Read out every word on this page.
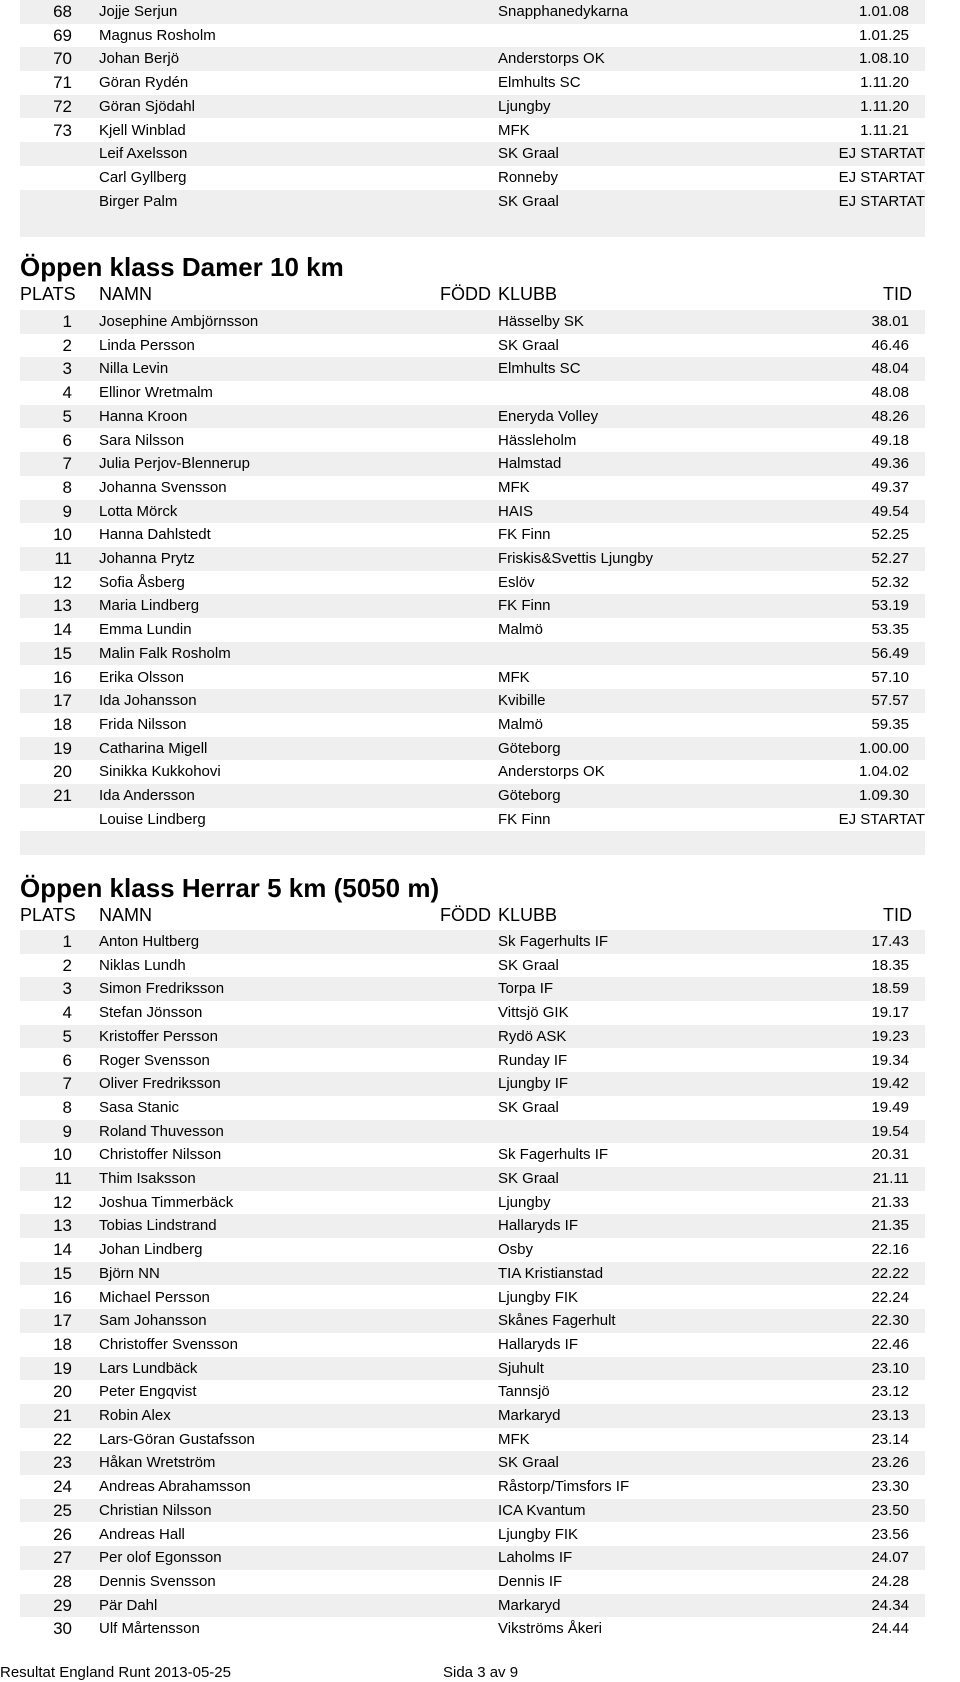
68 Jojje Serjun	Snapphanedykarna	1.01.08
69 Magnus Rosholm	1.01.25
70 Johan Berjö	Anderstorps OK	1.08.10
71 Göran Rydén	Elmhults SC	1.11.20
72 Göran Sjödahl	Ljungby	1.11.20
73 Kjell Winblad	MFK	1.11.21
Leif Axelsson	SK Graal	EJ STARTAT
Carl Gyllberg	Ronneby	EJ STARTAT
Birger Palm	SK Graal	EJ STARTAT
Öppen klass Damer 10 km
PLATS NAMN	FÖDD KLUBB	TID
1 Josephine Ambjörnsson	Hässelby SK	38.01
2 Linda Persson	SK Graal	46.46
3 Nilla Levin	Elmhults SC	48.04
4 Ellinor Wretmalm	48.08
5 Hanna Kroon	Eneryda Volley	48.26
6 Sara Nilsson	Hässleholm	49.18
7 Julia Perjov-Blennerup	Halmstad	49.36
8 Johanna Svensson	MFK	49.37
9 Lotta Mörck	HAIS	49.54
10 Hanna Dahlstedt	FK Finn	52.25
11 Johanna Prytz	Friskis&Svettis Ljungby	52.27
12 Sofia Åsberg	Eslöv	52.32
13 Maria Lindberg	FK Finn	53.19
14 Emma Lundin	Malmö	53.35
15 Malin Falk Rosholm	56.49
16 Erika Olsson	MFK	57.10
17 Ida Johansson	Kvibille	57.57
18 Frida Nilsson	Malmö	59.35
19 Catharina Migell	Göteborg	1.00.00
20 Sinikka Kukkohovi	Anderstorps OK	1.04.02
21 Ida Andersson	Göteborg	1.09.30
Louise Lindberg	FK Finn	EJ STARTAT
Öppen klass Herrar 5 km (5050 m)
PLATS NAMN	FÖDD KLUBB	TID
1 Anton Hultberg	Sk Fagerhults IF	17.43
2 Niklas Lundh	SK Graal	18.35
3 Simon Fredriksson	Torpa IF	18.59
4 Stefan Jönsson	Vittsjö GIK	19.17
5 Kristoffer Persson	Rydö ASK	19.23
6 Roger Svensson	Runday IF	19.34
7 Oliver Fredriksson	Ljungby IF	19.42
8 Sasa Stanic	SK Graal	19.49
9 Roland Thuvesson	19.54
10 Christoffer Nilsson	Sk Fagerhults IF	20.31
11 Thim Isaksson	SK Graal	21.11
12 Joshua Timmerbäck	Ljungby	21.33
13 Tobias Lindstrand	Hallaryds IF	21.35
14 Johan Lindberg	Osby	22.16
15 Björn NN	TIA Kristianstad	22.22
16 Michael Persson	Ljungby FIK	22.24
17 Sam Johansson	Skånes Fagerhult	22.30
18 Christoffer Svensson	Hallaryds IF	22.46
19 Lars Lundbäck	Sjuhult	23.10
20 Peter Engqvist	Tannsjö	23.12
21 Robin Alex	Markaryd	23.13
22 Lars-Göran Gustafsson	MFK	23.14
23 Håkan Wretström	SK Graal	23.26
24 Andreas Abrahamsson	Råstorp/Timsfors IF	23.30
25 Christian Nilsson	ICA Kvantum	23.50
26 Andreas Hall	Ljungby FIK	23.56
27 Per olof Egonsson	Laholms IF	24.07
28 Dennis Svensson	Dennis IF	24.28
29 Pär Dahl	Markaryd	24.34
30 Ulf Mårtensson	Vikströms Åkeri	24.44
Resultat England Runt 2013-05-25	Sida 3 av 9
